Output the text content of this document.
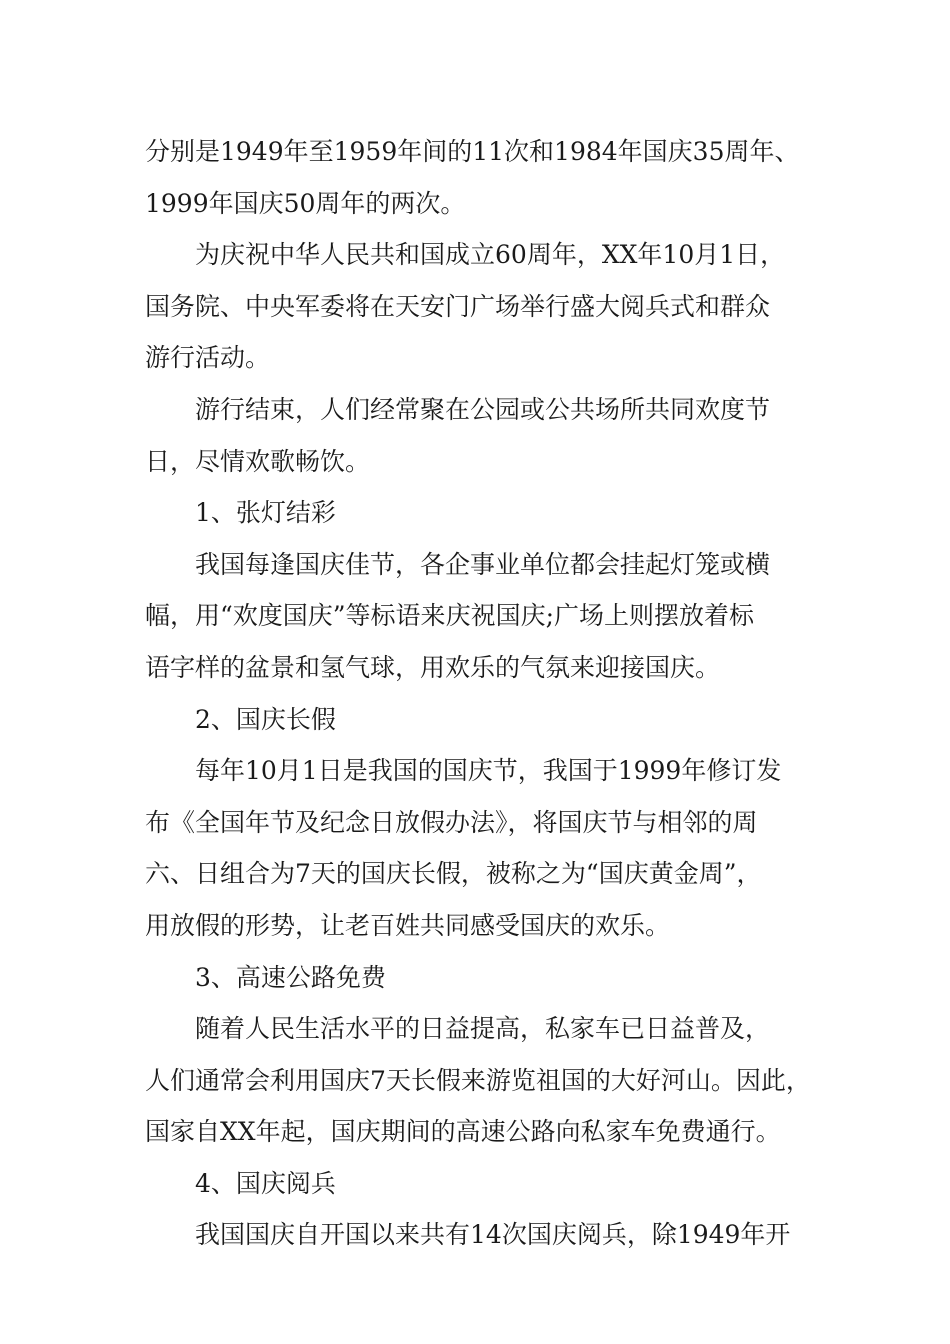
分别是1949年至1959年间的11次和1984年国庆35周年、
1999年国庆50周年的两次。
为庆祝中华人民共和国成立60周年，XX年10月1日，
国务院、中央军委将在天安门广场举行盛大阅兵式和群众
游行活动。
游行结束，人们经常聚在公园或公共场所共同欢度节
日，尽情欢歌畅饮。
1、张灯结彩
我国每逢国庆佳节，各企事业单位都会挂起灯笼或横
幅，用“欢度国庆”等标语来庆祝国庆;广场上则摆放着标
语字样的盆景和氢气球，用欢乐的气氛来迎接国庆。
2、国庆长假
每年10月1日是我国的国庆节，我国于1999年修订发
布《全国年节及纪念日放假办法》，将国庆节与相邻的周
六、日组合为7天的国庆长假，被称之为“国庆黄金周”，
用放假的形势，让老百姓共同感受国庆的欢乐。
3、高速公路免费
随着人民生活水平的日益提高，私家车已日益普及，
人们通常会利用国庆7天长假来游览祖国的大好河山。因此，
国家自XX年起，国庆期间的高速公路向私家车免费通行。
4、国庆阅兵
我国国庆自开国以来共有14次国庆阅兵，除1949年开
